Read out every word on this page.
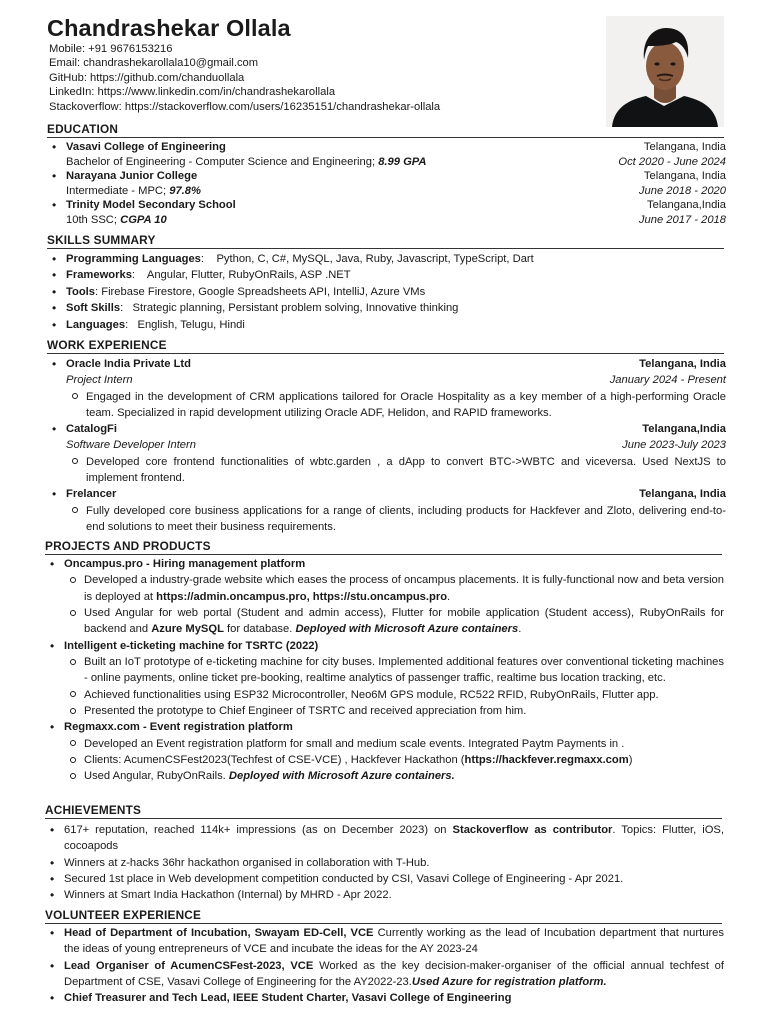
Chandrashekar Ollala
Mobile: +91 9676153216
Email: chandrashekarollala10@gmail.com
GitHub: https://github.com/chanduollala
LinkedIn: https://www.linkedin.com/in/chandrashekarollala
Stackoverflow: https://stackoverflow.com/users/16235151/chandrashekar-ollala
EDUCATION
• Vasavi College of Engineering	Telangana, India
Bachelor of Engineering - Computer Science and Engineering; 8.99 GPA	Oct 2020 - June 2024
• Narayana Junior College	Telangana, India
Intermediate - MPC; 97.8%	June 2018 - 2020
• Trinity Model Secondary School	Telangana,India
10th SSC; CGPA 10	June 2017 - 2018
SKILLS SUMMARY
• Programming Languages: Python, C, C#, MySQL, Java, Ruby, Javascript, TypeScript, Dart
• Frameworks: Angular, Flutter, RubyOnRails, ASP .NET
• Tools: Firebase Firestore, Google Spreadsheets API, IntelliJ, Azure VMs
• Soft Skills: Strategic planning, Persistant problem solving, Innovative thinking
• Languages: English, Telugu, Hindi
WORK EXPERIENCE
• Oracle India Private Ltd	Telangana, India
Project Intern	January 2024 - Present
Engaged in the development of CRM applications tailored for Oracle Hospitality as a key member of a high-performing Oracle team. Specialized in rapid development utilizing Oracle ADF, Helidon, and RAPID frameworks.
• CatalogFi	Telangana,India
Software Developer Intern	June 2023-July 2023
Developed core frontend functionalities of wbtc.garden , a dApp to convert BTC->WBTC and viceversa. Used NextJS to implement frontend.
• Frelancer	Telangana, India
Fully developed core business applications for a range of clients, including products for Hackfever and Zloto, delivering end-to-end solutions to meet their business requirements.
PROJECTS AND PRODUCTS
• Oncampus.pro - Hiring management platform
Developed a industry-grade website which eases the process of oncampus placements. It is fully-functional now and beta version is deployed at https://admin.oncampus.pro, https://stu.oncampus.pro.
Used Angular for web portal (Student and admin access), Flutter for mobile application (Student access), RubyOnRails for backend and Azure MySQL for database. Deployed with Microsoft Azure containers.
• Intelligent e-ticketing machine for TSRTC (2022)
Built an IoT prototype of e-ticketing machine for city buses. Implemented additional features over conventional ticketing machines - online payments, online ticket pre-booking, realtime analytics of passenger traffic, realtime bus location tracking, etc.
Achieved functionalities using ESP32 Microcontroller, Neo6M GPS module, RC522 RFID, RubyOnRails, Flutter app.
Presented the prototype to Chief Engineer of TSRTC and received appreciation from him.
• Regmaxx.com - Event registration platform
Developed an Event registration platform for small and medium scale events. Integrated Paytm Payments in .
Clients: AcumenCSFest2023(Techfest of CSE-VCE) , Hackfever Hackathon (https://hackfever.regmaxx.com)
Used Angular, RubyOnRails. Deployed with Microsoft Azure containers.
ACHIEVEMENTS
• 617+ reputation, reached 114k+ impressions (as on December 2023) on Stackoverflow as contributor. Topics: Flutter, iOS, cocoapods
• Winners at z-hacks 36hr hackathon organised in collaboration with T-Hub.
• Secured 1st place in Web development competition conducted by CSI, Vasavi College of Engineering - Apr 2021.
• Winners at Smart India Hackathon (Internal) by MHRD - Apr 2022.
VOLUNTEER EXPERIENCE
• Head of Department of Incubation, Swayam ED-Cell, VCE Currently working as the lead of Incubation department that nurtures the ideas of young entrepreneurs of VCE and incubate the ideas for the AY 2023-24
• Lead Organiser of AcumenCSFest-2023, VCE Worked as the key decision-maker-organiser of the official annual techfest of Department of CSE, Vasavi College of Engineering for the AY2022-23.Used Azure for registration platform.
• Chief Treasurer and Tech Lead, IEEE Student Charter, Vasavi College of Engineering
